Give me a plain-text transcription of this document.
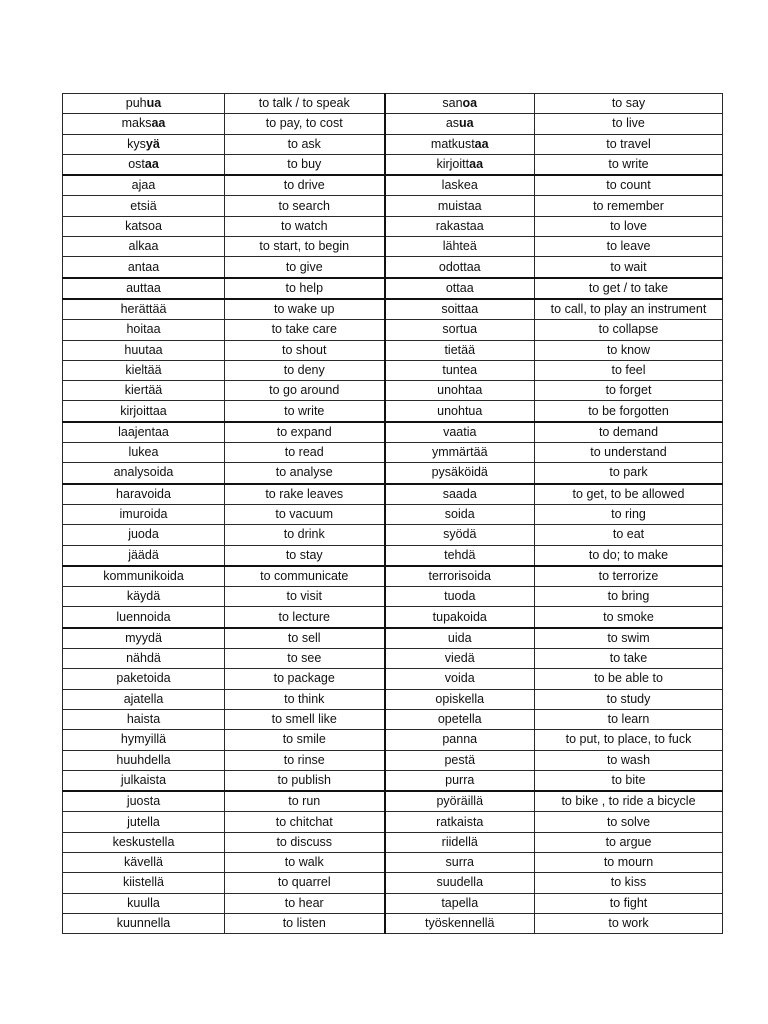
puhua	to talk / to speak	sanoa	to say
maksaa	to pay, to cost	asua	to live
kysyä	to ask	matkustaa	to travel
ostaa	to buy	kirjoittaa	to write
ajaa	to drive	laskea	to count
etsiä	to search	muistaa	to remember
katsoa	to watch	rakastaa	to love
alkaa	to start, to begin	lähteä	to leave
antaa	to give	odottaa	to wait
auttaa	to help	ottaa	to get / to take
herättää	to wake up	soittaa	to call, to play an instrument
hoitaa	to take care	sortua	to collapse
huutaa	to shout	tietää	to know
kieltää	to deny	tuntea	to feel
kiertää	to go around	unohtaa	to forget
kirjoittaa	to write	unohtua	to be forgotten
laajentaa	to expand	vaatia	to demand
lukea	to read	ymmärtää	to understand
analysoida	to analyse	pysäköidä	to park
haravoida	to rake leaves	saada	to get, to be allowed
imuroida	to vacuum	soida	to ring
juoda	to drink	syödä	to eat
jäädä	to stay	tehdä	to do; to make
kommunikoida	to communicate	terrorisoida	to terrorize
käydä	to visit	tuoda	to bring
luennoida	to lecture	tupakoida	to smoke
myydä	to sell	uida	to swim
nähdä	to see	viedä	to take
paketoida	to package	voida	to be able to
ajatella	to think	opiskella	to study
haista	to smell like	opetella	to learn
hymyillä	to smile	panna	to put, to place, to fuck
huuhdella	to rinse	pestä	to wash
julkaista	to publish	purra	to bite
juosta	to run	pyöräillä	to bike , to ride a bicycle
jutella	to chitchat	ratkaista	to solve
keskustella	to discuss	riidellä	to argue
kävellä	to walk	surra	to mourn
kiistellä	to quarrel	suudella	to kiss
kuulla	to hear	tapella	to fight
kuunnella	to listen	työskennellä	to work
